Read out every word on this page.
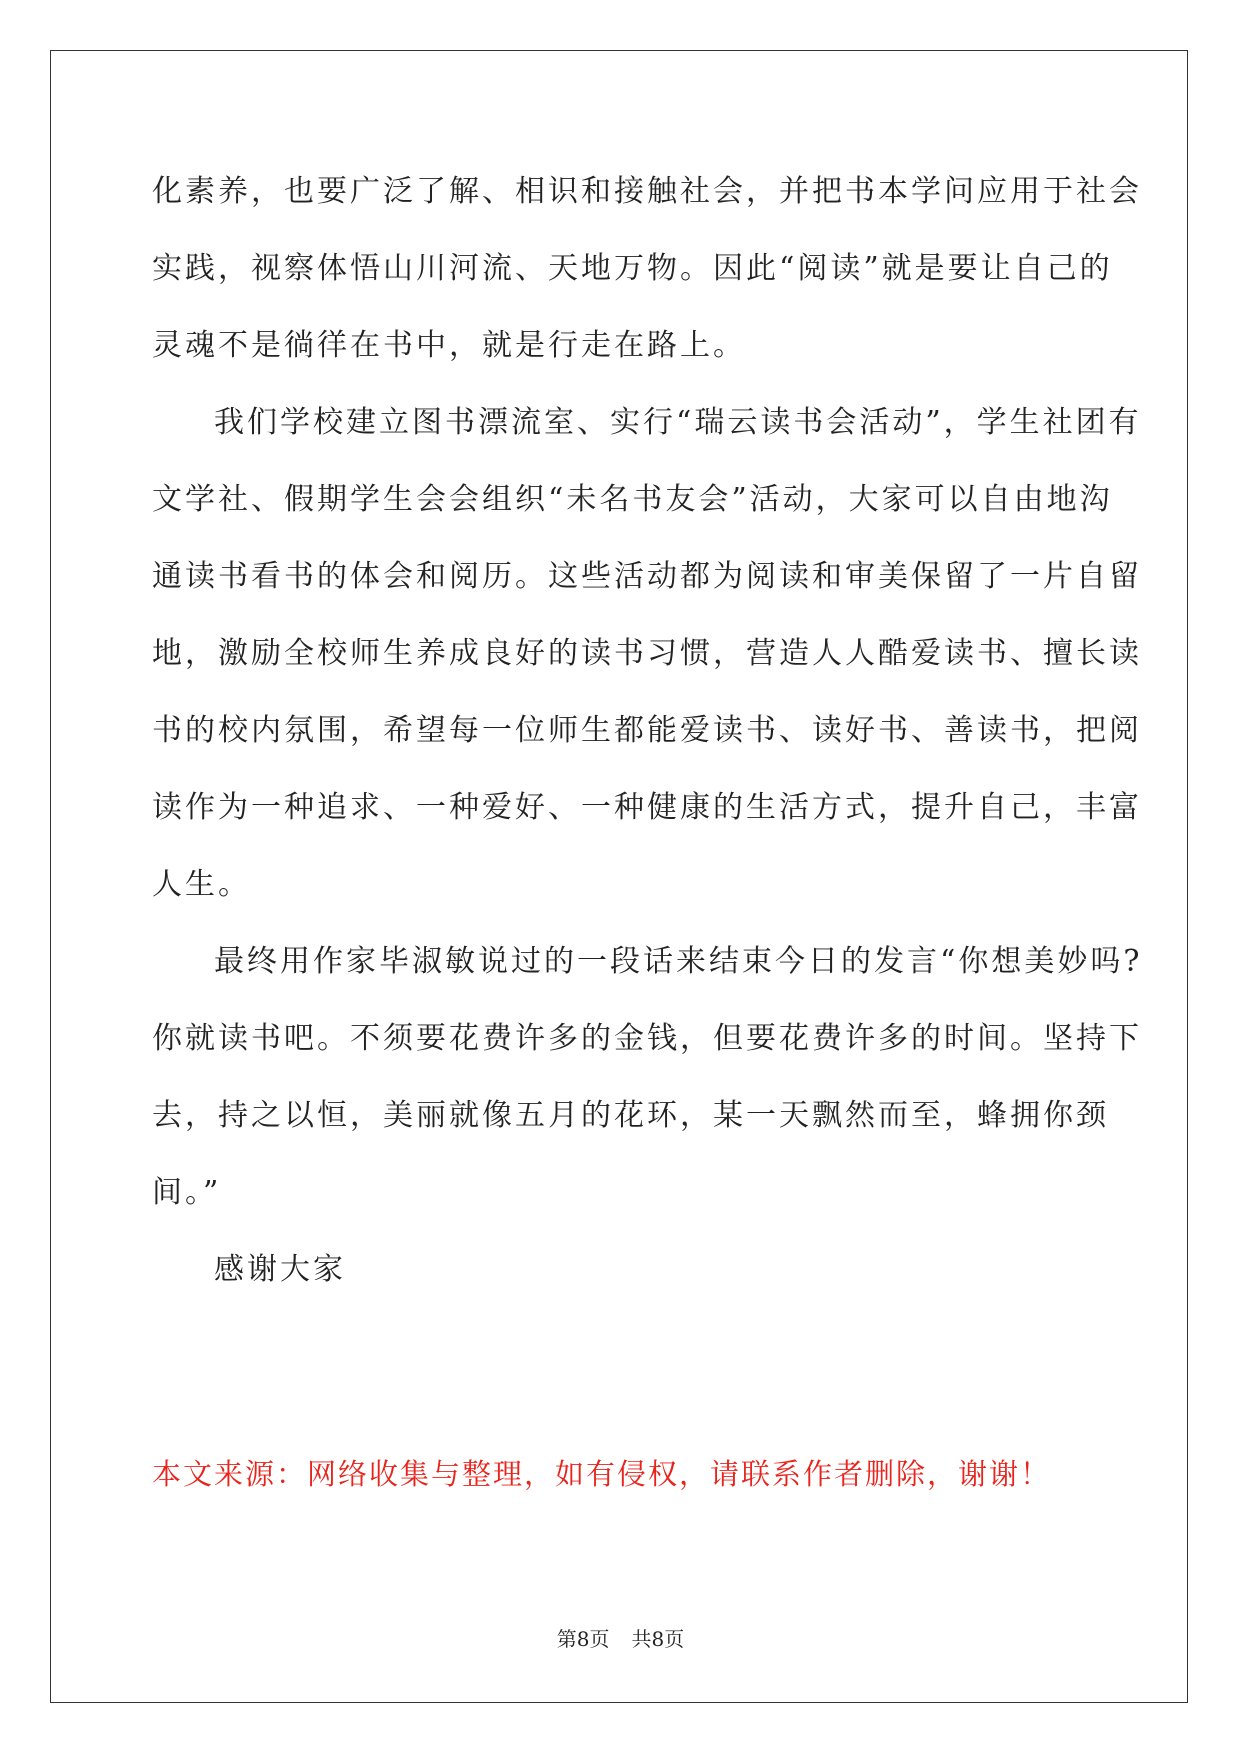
化素养，也要广泛了解、相识和接触社会，并把书本学问应用于社会
实践，视察体悟山川河流、天地万物。因此“阅读”就是要让自己的
灵魂不是徜徉在书中，就是行走在路上。
我们学校建立图书漂流室、实行“瑞云读书会活动”，学生社团有
文学社、假期学生会会组织“未名书友会”活动，大家可以自由地沟
通读书看书的体会和阅历。这些活动都为阅读和审美保留了一片自留
地，激励全校师生养成良好的读书习惯，营造人人酷爱读书、擅长读
书的校内氛围，希望每一位师生都能爱读书、读好书、善读书，把阅
读作为一种追求、一种爱好、一种健康的生活方式，提升自己，丰富
人生。
最终用作家毕淑敏说过的一段话来结束今日的发言“你想美妙吗?
你就读书吧。不须要花费许多的金钱，但要花费许多的时间。坚持下
去，持之以恒，美丽就像五月的花环，某一天飘然而至，蜂拥你颈
间。”
感谢大家
本文来源：网络收集与整理，如有侵权，请联系作者删除，谢谢！
第8页 共8页
